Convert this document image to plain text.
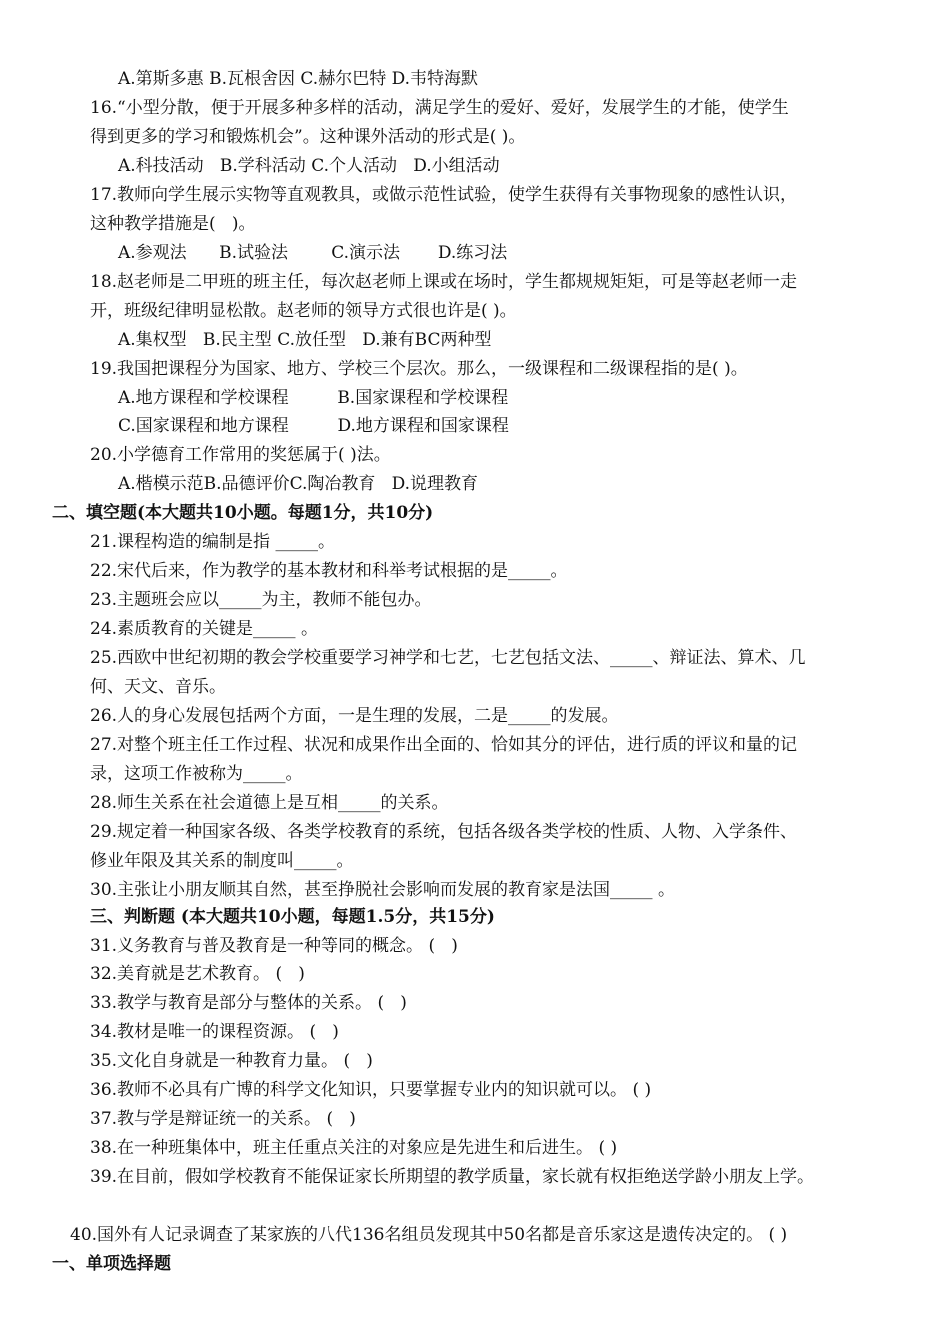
A.第斯多惠 B.瓦根舍因 C.赫尔巴特 D.韦特海默
16.“小型分散，便于开展多种多样的活动，满足学生的爱好、爱好，发展学生的才能，使学生
得到更多的学习和锻炼机会”。这种课外活动的形式是( )。
A.科技活动   B.学科活动 C.个人活动   D.小组活动
17.教师向学生展示实物等直观教具，或做示范性试验，使学生获得有关事物现象的感性认识，
这种教学措施是(   )。
A.参观法      B.试验法        C.演示法       D.练习法
18.赵老师是二甲班的班主任，每次赵老师上课或在场时，学生都规规矩矩，可是等赵老师一走
开，班级纪律明显松散。赵老师的领导方式很也许是( )。
A.集权型   B.民主型 C.放任型   D.兼有BC两种型
19.我国把课程分为国家、地方、学校三个层次。那么，一级课程和二级课程指的是( )。
A.地方课程和学校课程         B.国家课程和学校课程
C.国家课程和地方课程         D.地方课程和国家课程
20.小学德育工作常用的奖惩属于( )法。
A.楷模示范B.品德评价C.陶冶教育   D.说理教育
二、填空题(本大题共10小题。每题1分，共10分)
21.课程构造的编制是指 _____。
22.宋代后来，作为教学的基本教材和科举考试根据的是_____。
23.主题班会应以_____为主，教师不能包办。
24.素质教育的关键是_____ 。
25.西欧中世纪初期的教会学校重要学习神学和七艺，七艺包括文法、_____、辩证法、算术、几
何、天文、音乐。
26.人的身心发展包括两个方面，一是生理的发展，二是_____的发展。
27.对整个班主任工作过程、状况和成果作出全面的、恰如其分的评估，进行质的评议和量的记
录，这项工作被称为_____。
28.师生关系在社会道德上是互相_____的关系。
29.规定着一种国家各级、各类学校教育的系统，包括各级各类学校的性质、人物、入学条件、
修业年限及其关系的制度叫_____。
30.主张让小朋友顺其自然，甚至挣脱社会影响而发展的教育家是法国_____ 。
三、判断题 (本大题共10小题，每题1.5分，共15分)
31.义务教育与普及教育是一种等同的概念。 (   )
32.美育就是艺术教育。 (   )
33.教学与教育是部分与整体的关系。 (   )
34.教材是唯一的课程资源。 (   )
35.文化自身就是一种教育力量。 (   )
36.教师不必具有广博的科学文化知识，只要掌握专业内的知识就可以。 ( )
37.教与学是辩证统一的关系。 (   )
38.在一种班集体中，班主任重点关注的对象应是先进生和后进生。 ( )
39.在目前，假如学校教育不能保证家长所期望的教学质量，家长就有权拒绝送学龄小朋友上学。
40.国外有人记录调查了某家族的八代136名组员发现其中50名都是音乐家这是遗传决定的。 ( )
一、单项选择题
